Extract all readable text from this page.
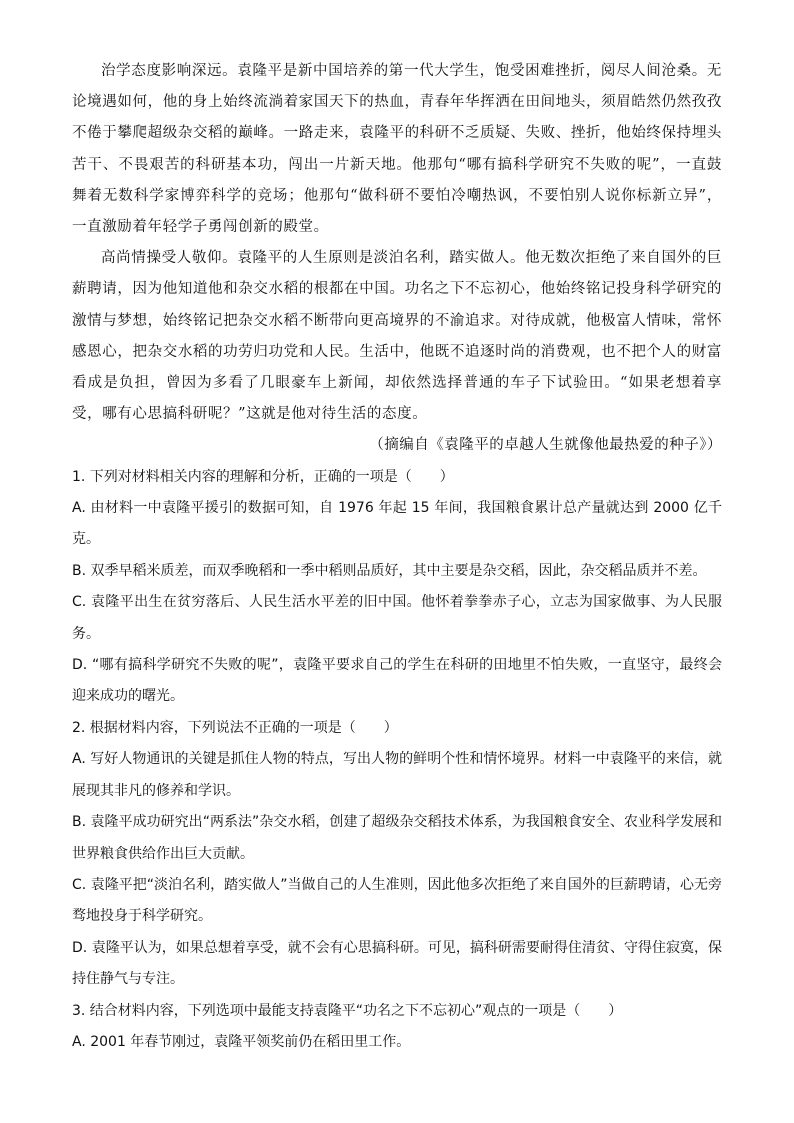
治学态度影响深远。袁隆平是新中国培养的第一代大学生，饱受困难挫折，阅尽人间沧桑。无论境遇如何，他的身上始终流淌着家国天下的热血，青春年华挥洒在田间地头，须眉皓然仍然孜孜不倦于攀爬超级杂交稻的巅峰。一路走来，袁隆平的科研不乏质疑、失败、挫折，他始终保持埋头苦干、不畏艰苦的科研基本功，闯出一片新天地。他那句“哪有搞科学研究不失败的呢”，一直鼓舞着无数科学家博弈科学的竞场；他那句“做科研不要怕冷嘲热讽，不要怕别人说你标新立异”，一直激励着年轻学子勇闯创新的殿堂。

高尚情操受人敬仰。袁隆平的人生原则是淡泊名利，踏实做人。他无数次拒绝了来自国外的巨薪聘请，因为他知道他和杂交水稻的根都在中国。功名之下不忘初心，他始终铭记投身科学研究的激情与梦想，始终铭记把杂交水稻不断带向更高境界的不渝追求。对待成就，他极富人情味，常怀感恩心，把杂交水稻的功劳归功党和人民。生活中，他既不追逐时尚的消费观，也不把个人的财富看成是负担，曾因为多看了几眼豪车上新闻，却依然选择普通的车子下试验田。“如果老想着享受，哪有心思搞科研呢？”这就是他对待生活的态度。

（摘编自《袁隆平的卓越人生就像他最热爱的种子》）

1. 下列对材料相关内容的理解和分析，正确的一项是（　　）

A. 由材料一中袁隆平援引的数据可知，自 1976 年起 15 年间，我国粮食累计总产量就达到 2000 亿千克。

B. 双季早稻米质差，而双季晚稻和一季中稻则品质好，其中主要是杂交稻，因此，杂交稻品质并不差。

C. 袁隆平出生在贫穷落后、人民生活水平差的旧中国。他怀着拳拳赤子心，立志为国家做事、为人民服务。

D. “哪有搞科学研究不失败的呢”，袁隆平要求自己的学生在科研的田地里不怕失败，一直坚守，最终会迎来成功的曙光。

2. 根据材料内容，下列说法不正确的一项是（　　）

A. 写好人物通讯的关键是抓住人物的特点，写出人物的鲜明个性和情怀境界。材料一中袁隆平的来信，就展现其非凡的修养和学识。

B. 袁隆平成功研究出“两系法”杂交水稻，创建了超级杂交稻技术体系，为我国粮食安全、农业科学发展和世界粮食供给作出巨大贡献。

C. 袁隆平把“淡泊名利，踏实做人”当做自己的人生准则，因此他多次拒绝了来自国外的巨薪聘请，心无旁骛地投身于科学研究。

D. 袁隆平认为，如果总想着享受，就不会有心思搞科研。可见，搞科研需要耐得住清贫、守得住寂寞，保持住静气与专注。

3. 结合材料内容，下列选项中最能支持袁隆平“功名之下不忘初心”观点的一项是（　　）

A. 2001 年春节刚过，袁隆平领奖前仍在稻田里工作。
